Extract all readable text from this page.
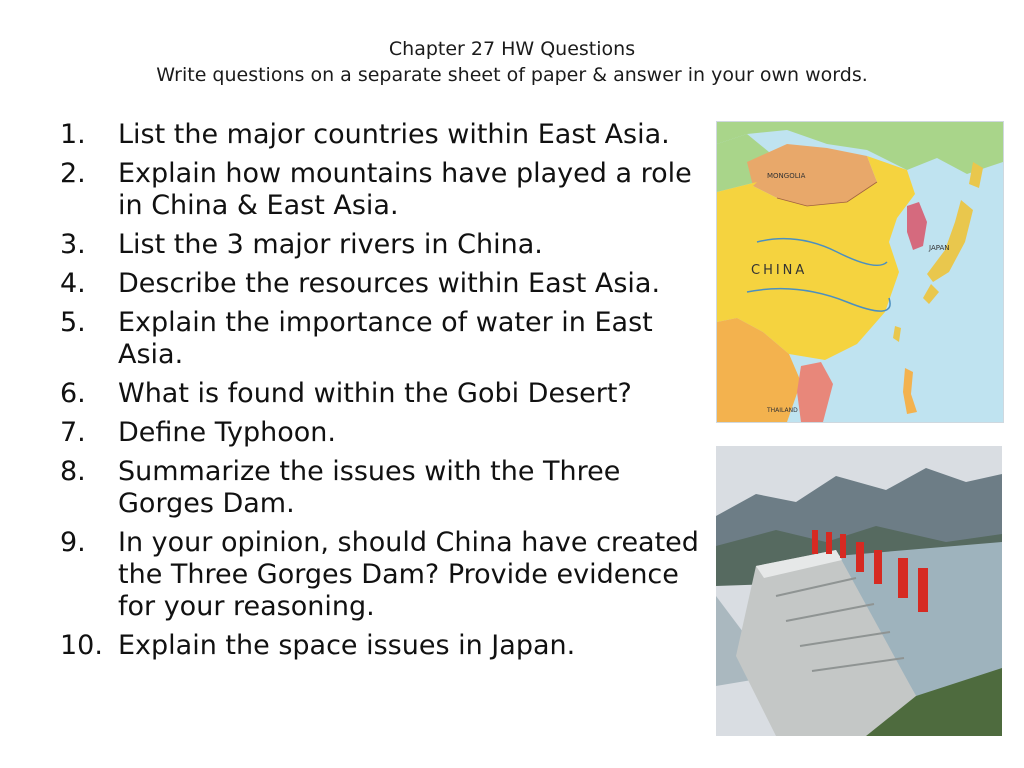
Chapter 27 HW Questions
Write questions on a separate sheet of paper & answer in your own words.
1.	List the major countries within East Asia.
2.	Explain how mountains have played a role in China & East Asia.
3.	List the 3 major rivers in China.
4.	Describe the resources within East Asia.
5.	Explain the importance of water in East Asia.
6.	What is found within the Gobi Desert?
7.	Define Typhoon.
8.	Summarize the issues with the Three Gorges Dam.
9.	In your opinion, should China have created the Three Gorges Dam? Provide evidence for your reasoning.
10. Explain the space issues in Japan.
MONGOLIA
CHINA
JAPAN
THAILAND
